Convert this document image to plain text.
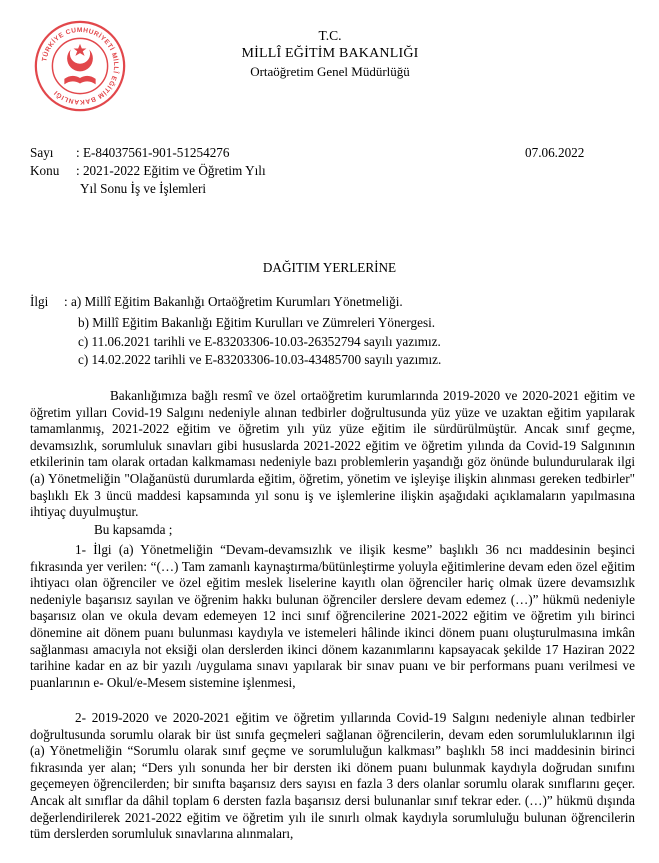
TÜRKİYE CUMHURİYETİ MİLLÎ EĞİTİM BAKANLIĞI
T.C.
MİLLÎ EĞİTİM BAKANLIĞI
Ortaöğretim Genel Müdürlüğü
Sayı : E-84037561-901-51254276	07.06.2022
Konu : 2021-2022 Eğitim ve Öğretim Yılı
Yıl Sonu İş ve İşlemleri
DAĞITIM YERLERİNE
İlgi : a) Millî Eğitim Bakanlığı Ortaöğretim Kurumları Yönetmeliği.
b) Millî Eğitim Bakanlığı Eğitim Kurulları ve Zümreleri Yönergesi.
c) 11.06.2021 tarihli ve E-83203306-10.03-26352794 sayılı yazımız.
c) 14.02.2022 tarihli ve E-83203306-10.03-43485700 sayılı yazımız.
Bakanlığımıza bağlı resmî ve özel ortaöğretim kurumlarında 2019-2020 ve 2020-2021 eğitim ve öğretim yılları Covid-19 Salgını nedeniyle alınan tedbirler doğrultusunda yüz yüze ve uzaktan eğitim yapılarak tamamlanmış, 2021-2022 eğitim ve öğretim yılı yüz yüze eğitim ile sürdürülmüştür. Ancak sınıf geçme, devamsızlık, sorumluluk sınavları gibi hususlarda 2021-2022 eğitim ve öğretim yılında da Covid-19 Salgınının etkilerinin tam olarak ortadan kalkmaması nedeniyle bazı problemlerin yaşandığı göz önünde bulundurularak ilgi (a) Yönetmeliğin "Olağanüstü durumlarda eğitim, öğretim, yönetim ve işleyişe ilişkin alınması gereken tedbirler" başlıklı Ek 3 üncü maddesi kapsamında yıl sonu iş ve işlemlerine ilişkin aşağıdaki açıklamaların yapılmasına ihtiyaç duyulmuştur.
Bu kapsamda ;
1- İlgi (a) Yönetmeliğin “Devam-devamsızlık ve ilişik kesme” başlıklı 36 ncı maddesinin beşinci fıkrasında yer verilen: “(…) Tam zamanlı kaynaştırma/bütünleştirme yoluyla eğitimlerine devam eden özel eğitim ihtiyacı olan öğrenciler ve özel eğitim meslek liselerine kayıtlı olan öğrenciler hariç olmak üzere devamsızlık nedeniyle başarısız sayılan ve öğrenim hakkı bulunan öğrenciler derslere devam edemez (…)” hükmü nedeniyle başarısız olan ve okula devam edemeyen 12 inci sınıf öğrencilerine 2021-2022 eğitim ve öğretim yılı birinci dönemine ait dönem puanı bulunması kaydıyla ve istemeleri hâlinde ikinci dönem puanı oluşturulmasına imkân sağlanması amacıyla not eksiği olan derslerden ikinci dönem kazanımlarını kapsayacak şekilde 17 Haziran 2022 tarihine kadar en az bir yazılı /uygulama sınavı yapılarak bir sınav puanı ve bir performans puanı verilmesi ve puanlarının e- Okul/e-Mesem sistemine işlenmesi,
2- 2019-2020 ve 2020-2021 eğitim ve öğretim yıllarında Covid-19 Salgını nedeniyle alınan tedbirler doğrultusunda sorumlu olarak bir üst sınıfa geçmeleri sağlanan öğrencilerin, devam eden sorumluluklarının ilgi (a) Yönetmeliğin “Sorumlu olarak sınıf geçme ve sorumluluğun kalkması” başlıklı 58 inci maddesinin birinci fıkrasında yer alan; “Ders yılı sonunda her bir dersten iki dönem puanı bulunmak kaydıyla doğrudan sınıfını geçemeyen öğrencilerden; bir sınıfta başarısız ders sayısı en fazla 3 ders olanlar sorumlu olarak sınıflarını geçer. Ancak alt sınıflar da dâhil toplam 6 dersten fazla başarısız dersi bulunanlar sınıf tekrar eder. (…)” hükmü dışında değerlendirilerek 2021-2022 eğitim ve öğretim yılı ile sınırlı olmak kaydıyla sorumluluğu bulunan öğrencilerin tüm derslerden sorumluluk sınavlarına alınmaları,
